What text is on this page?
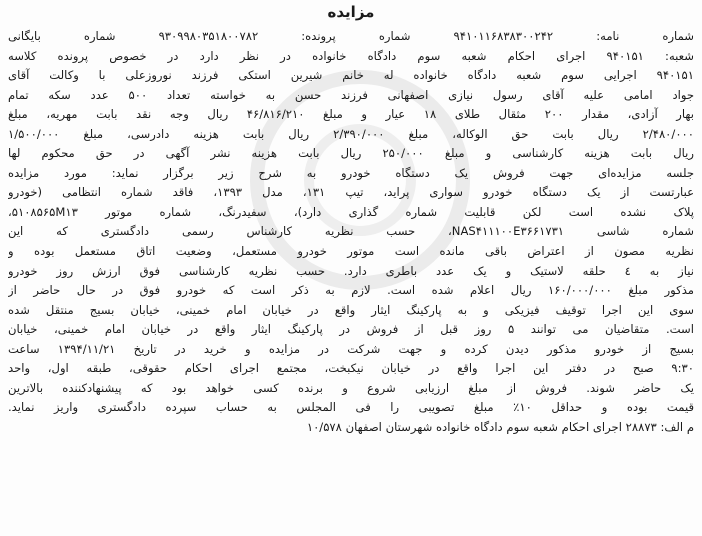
مزایده
شماره نامه: ۹۴۱۰۱۱۶۸۳۸۳۰۰۲۴۲ شماره پرونده: ۹۳۰۹۹۸۰۳۵۱۸۰۰۷۸۲ شماره بایگانی
شعبه: ۹۴۰۱۵۱ اجرای احکام شعبه سوم دادگاه خانواده در نظر دارد در خصوص پرونده کلاسه
۹۴۰۱۵۱ اجرایی سوم شعبه دادگاه خانواده له خانم شیرین استکی فرزند نوروزعلی با وکالت آقای
جواد امامی علیه آقای رسول نیازی اصفهانی فرزند حسن به خواسته تعداد ۵۰۰ عدد سکه تمام
بهار آزادی، مقدار ۲۰۰ مثقال طلای ۱۸ عیار و مبلغ ۴۶/۸۱۶/۲۱۰ ریال وجه نقد بابت مهریه، مبلغ
۲/۴۸۰/۰۰۰ ریال بابت حق الوکاله، مبلغ ۲/۳۹۰/۰۰۰ ریال بابت هزینه دادرسی، مبلغ ۱/۵۰۰/۰۰۰
ریال بابت هزینه کارشناسی و مبلغ ۲۵۰/۰۰۰ ریال بابت هزینه نشر آگهی در حق محکوم لها
جلسه مزایده‌ای جهت فروش یک دستگاه خودرو به شرح زیر برگزار نماید: مورد مزایده
عبارتست از یک دستگاه خودرو سواری پراید، تیپ ۱۳۱، مدل ۱۳۹۳، فاقد شماره انتظامی (خودرو
پلاک نشده است لکن قابلیت شماره گذاری دارد)، سفیدرنگ، شماره موتور ۵۱۰۸۵۶۵M۱۳،
شماره شاسی NAS۴۱۱۱۰۰E۳۶۶۱۷۳۱، حسب نظریه کارشناس رسمی دادگستری که این
نظریه مصون از اعتراض باقی مانده است موتور خودرو مستعمل، وضعیت اتاق مستعمل بوده و
نیاز به ٤ حلقه لاستیک و یک عدد باطری دارد. حسب نظریه کارشناسی فوق ارزش روز خودرو
مذکور مبلغ ۱۶۰/۰۰۰/۰۰۰ ریال اعلام شده است. لازم به ذکر است که خودرو فوق در حال حاضر از
سوی این اجرا توقیف فیزیکی و به پارکینگ ایثار واقع در خیابان امام خمینی، خیابان بسیج منتقل شده
است. متقاضیان می توانند ۵ روز قبل از فروش در پارکینگ ایثار واقع در خیابان امام خمینی، خیابان
بسیج از خودرو مذکور دیدن کرده و جهت شرکت در مزایده و خرید در تاریخ ۱۳۹۴/۱۱/۲۱ ساعت
۹:۳۰ صبح در دفتر این اجرا واقع در خیابان نیکبخت، مجتمع اجرای احکام حقوقی، طبقه اول، واحد
یک حاضر شوند. فروش از مبلغ ارزیابی شروع و برنده کسی خواهد بود که پیشنهاد‌کننده بالاترین
قیمت بوده و حداقل ۱۰٪ مبلغ تصویبی را فی المجلس به حساب سپرده دادگستری واریز نماید.
م الف: ۲۸۸۷۳ اجرای احکام شعبه سوم دادگاه خانواده شهرستان اصفهان ۱۰/۵۷۸
